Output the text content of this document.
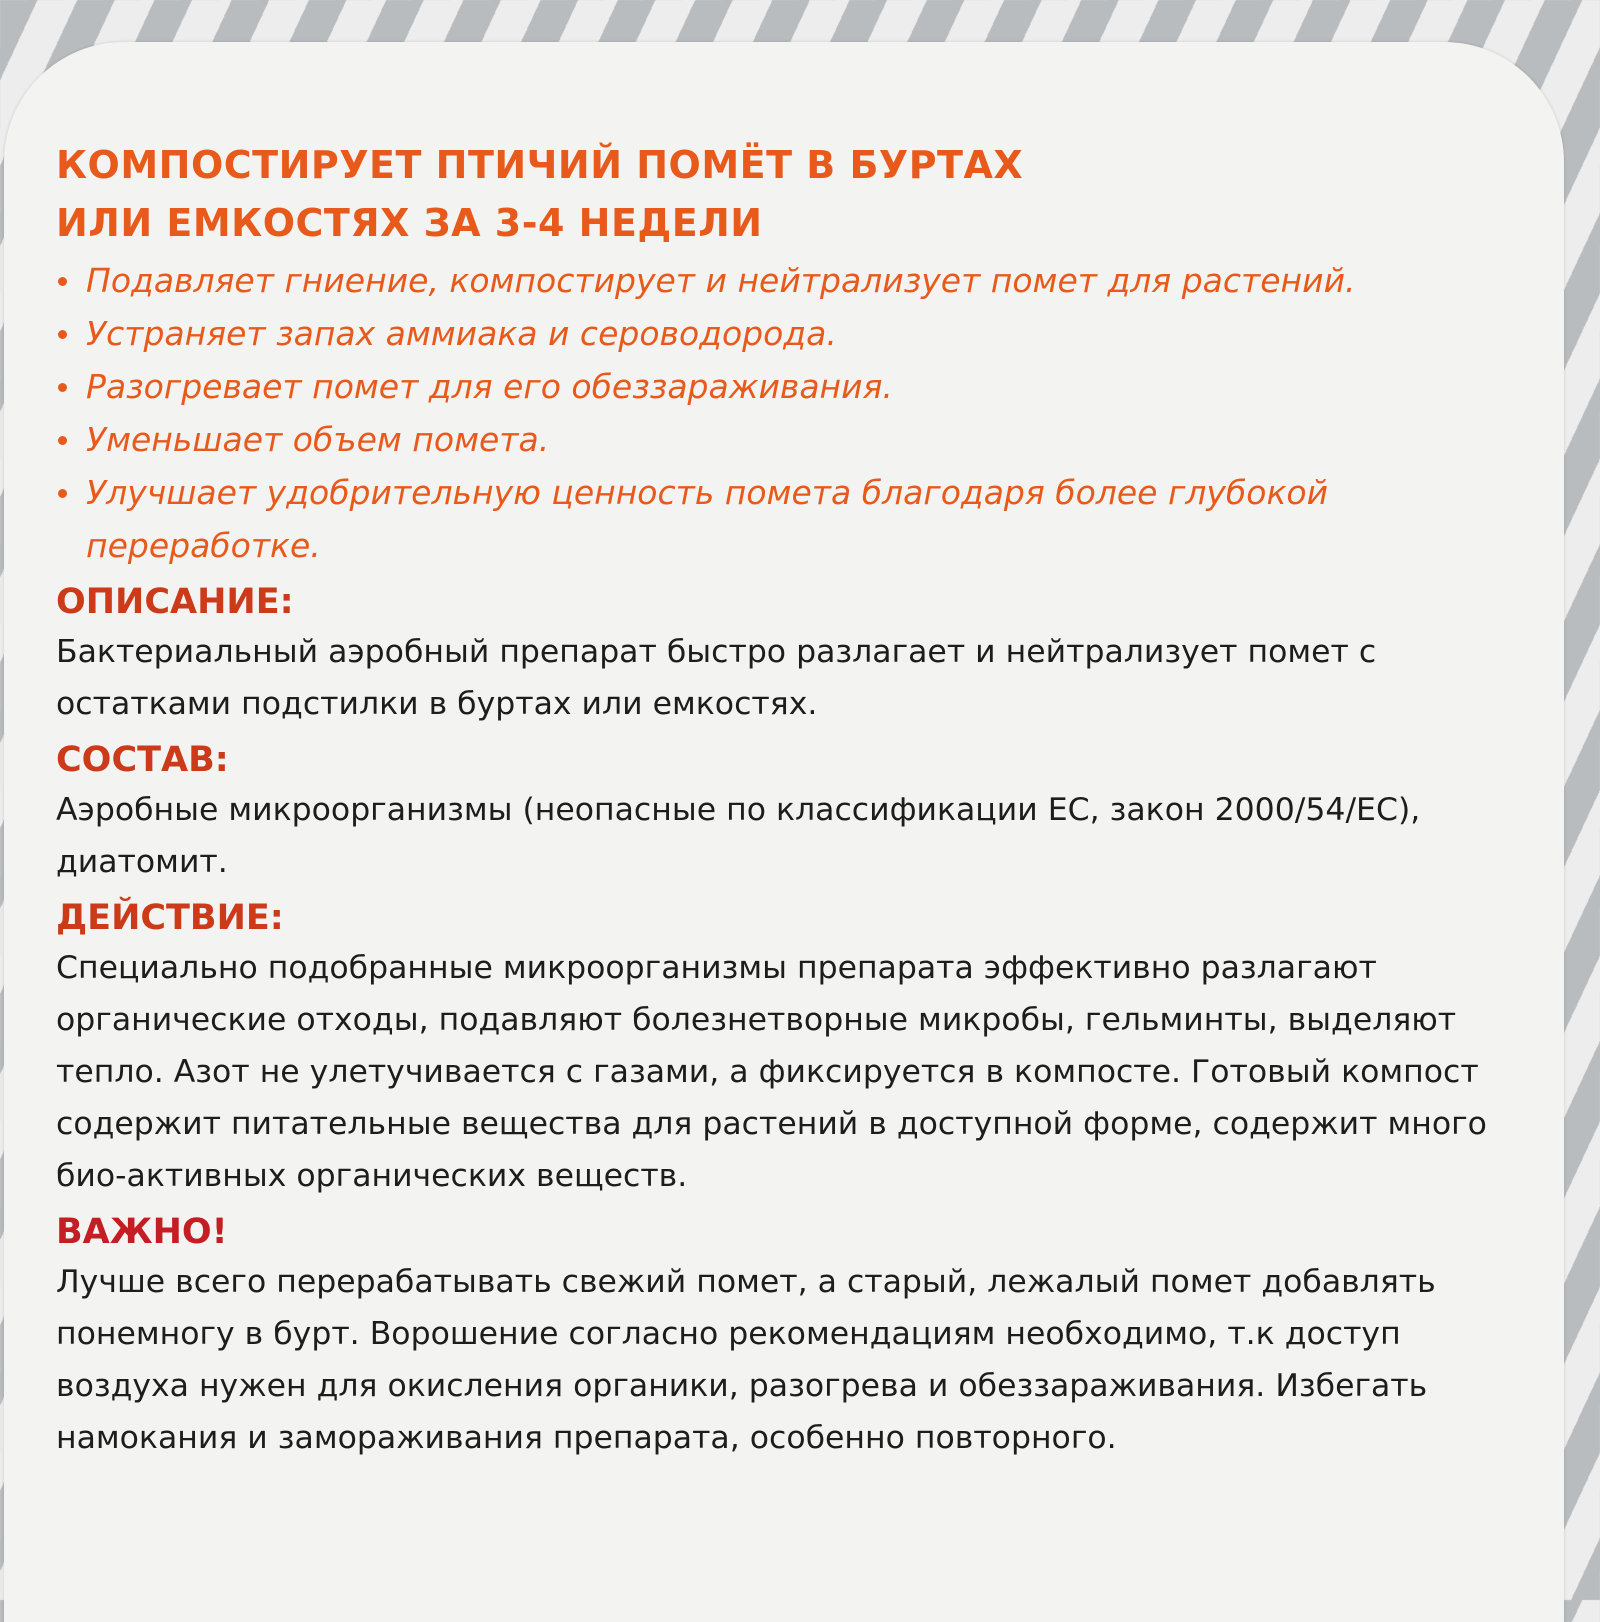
КОМПОСТИРУЕТ ПТИЧИЙ ПОМЁТ В БУРТАХ
ИЛИ ЕМКОСТЯХ ЗА 3-4 НЕДЕЛИ
Подавляет гниение, компостирует и нейтрализует помет для растений.
Устраняет запах аммиака и сероводорода.
Разогревает помет для его обеззараживания.
Уменьшает объем помета.
Улучшает удобрительную ценность помета благодаря более глубокой переработке.
ОПИСАНИЕ:

Бактериальный аэробный препарат быстро разлагает и нейтрализует помет с остатками подстилки в буртах или емкостях.

СОСТАВ:

Аэробные микроорганизмы (неопасные по классификации ЕС, закон 2000/54/ЕС), диатомит.

ДЕЙСТВИЕ:

Специально подобранные микроорганизмы препарата эффективно разлагают органические отходы, подавляют болезнетворные микробы, гельминты, выделяют тепло. Азот не улетучивается с газами, а фиксируется в компосте. Готовый компост содержит питательные вещества для растений в доступной форме, содержит много био-активных органических веществ.

ВАЖНО!

Лучше всего перерабатывать свежий помет, а старый, лежалый помет добавлять понемногу в бурт. Ворошение согласно рекомендациям необходимо, т.к доступ воздуха нужен для окисления органики, разогрева и обеззараживания. Избегать намокания и замораживания препарата, особенно повторного.
